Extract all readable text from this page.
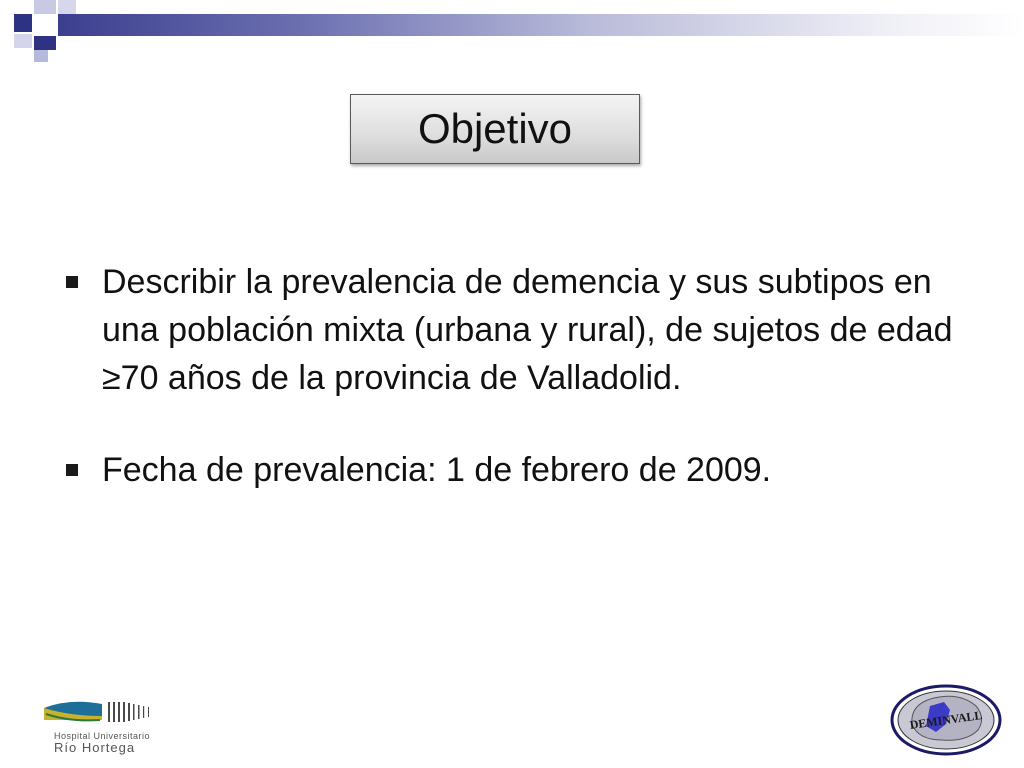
Objetivo

Describir la prevalencia de demencia y sus subtipos en una población mixta (urbana y rural), de sujetos de edad ≥70 años de la provincia de Valladolid.

Fecha de prevalencia: 1 de febrero de 2009.

Hospital Universitario
Río Hortega
DEMINVALL
